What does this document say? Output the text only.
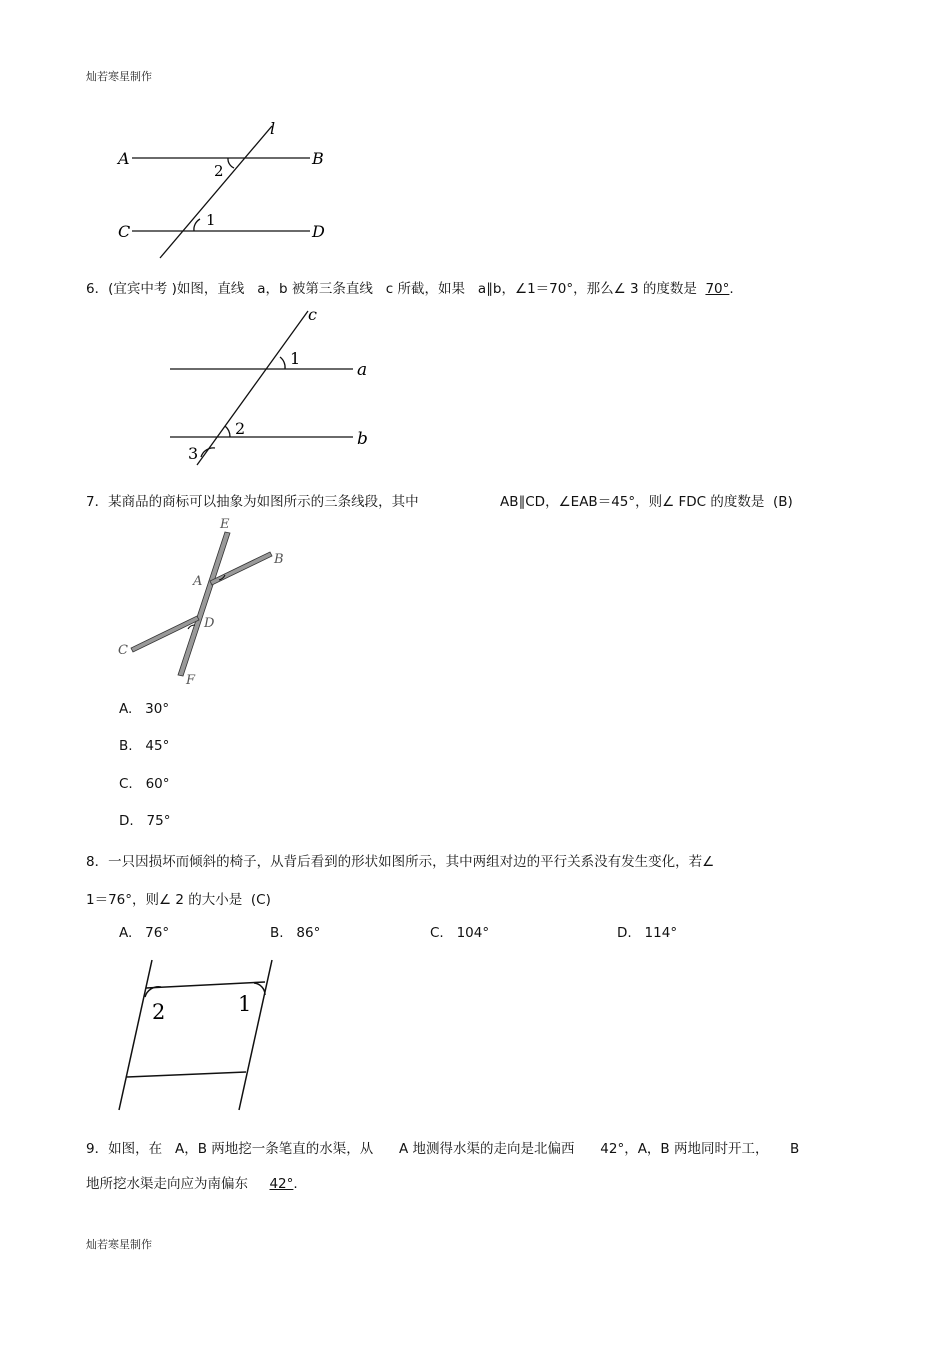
灿若寒星制作
A	B
C	D
l
2
1
6．(宜宾中考 )如图，直线   a，b 被第三条直线   c 所截，如果   a∥b，∠1＝70°，那么∠ 3 的度数是  70°.
c
a
b
1
2
3
7．某商品的商标可以抽象为如图所示的三条线段，其中	AB∥CD，∠EAB＝45°，则∠ FDC 的度数是  (B)
E
B
A
D
C
F
A.   30°
B.   45°
C.   60°
D.   75°
8．一只因损坏而倾斜的椅子，从背后看到的形状如图所示，其中两组对边的平行关系没有发生变化，若∠
1＝76°，则∠ 2 的大小是  (C)
A.   76°	B.   86°	C.   104°	D.   114°
2	1
9．如图，在   A，B 两地挖一条笔直的水渠，从      A 地测得水渠的走向是北偏西      42°，A，B 两地同时开工，     B
地所挖水渠走向应为南偏东     42°.
灿若寒星制作
